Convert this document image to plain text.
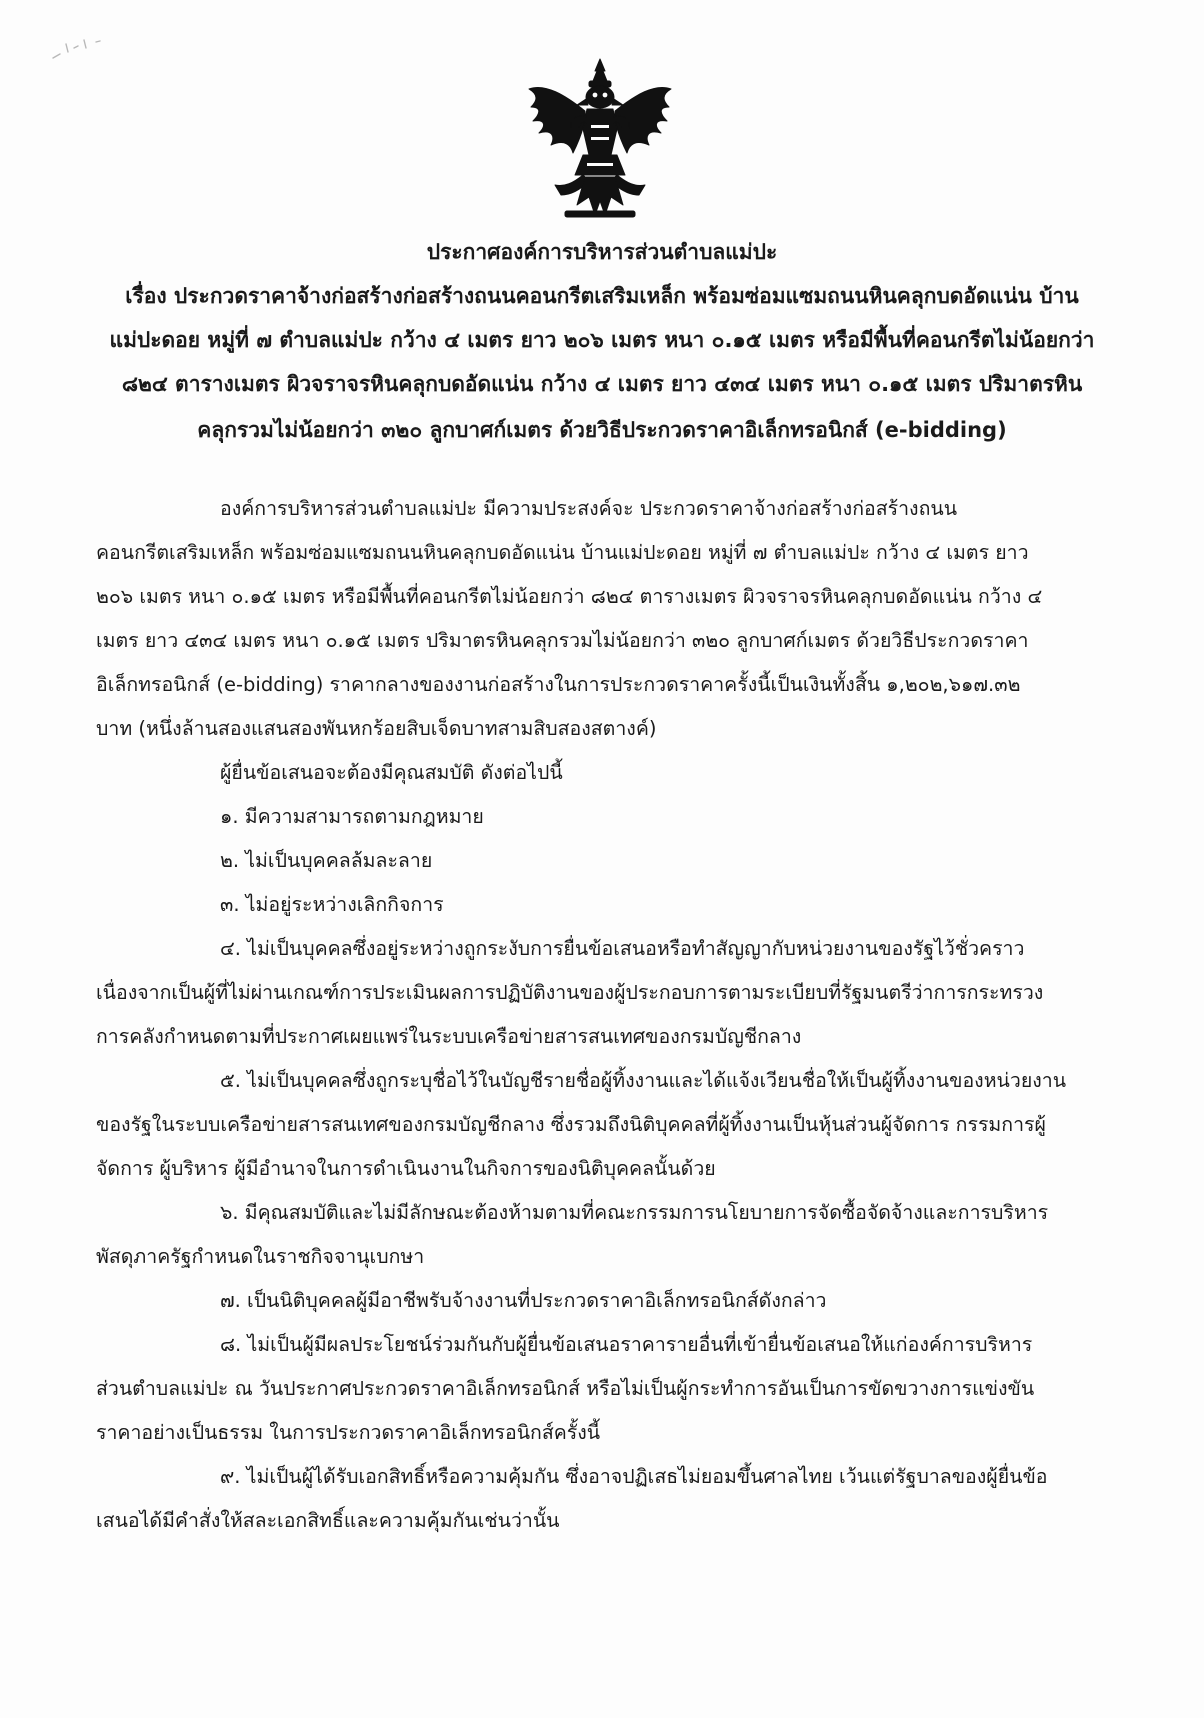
ประกาศองค์การบริหารส่วนตำบลแม่ปะ
เรื่อง ประกวดราคาจ้างก่อสร้างก่อสร้างถนนคอนกรีตเสริมเหล็ก พร้อมซ่อมแซมถนนหินคลุกบดอัดแน่น บ้าน
แม่ปะดอย หมู่ที่ ๗ ตำบลแม่ปะ กว้าง ๔ เมตร ยาว ๒๐๖ เมตร หนา ๐.๑๕ เมตร หรือมีพื้นที่คอนกรีตไม่น้อยกว่า
๘๒๔ ตารางเมตร ผิวจราจรหินคลุกบดอัดแน่น กว้าง ๔ เมตร ยาว ๔๓๔ เมตร หนา ๐.๑๕ เมตร ปริมาตรหิน
คลุกรวมไม่น้อยกว่า ๓๒๐ ลูกบาศก์เมตร ด้วยวิธีประกวดราคาอิเล็กทรอนิกส์ (e-bidding)
องค์การบริหารส่วนตำบลแม่ปะ มีความประสงค์จะ ประกวดราคาจ้างก่อสร้างก่อสร้างถนน
คอนกรีตเสริมเหล็ก พร้อมซ่อมแซมถนนหินคลุกบดอัดแน่น บ้านแม่ปะดอย หมู่ที่ ๗ ตำบลแม่ปะ กว้าง ๔ เมตร ยาว
๒๐๖ เมตร หนา ๐.๑๕ เมตร หรือมีพื้นที่คอนกรีตไม่น้อยกว่า ๘๒๔ ตารางเมตร ผิวจราจรหินคลุกบดอัดแน่น กว้าง ๔
เมตร ยาว ๔๓๔ เมตร หนา ๐.๑๕ เมตร ปริมาตรหินคลุกรวมไม่น้อยกว่า ๓๒๐ ลูกบาศก์เมตร ด้วยวิธีประกวดราคา
อิเล็กทรอนิกส์ (e-bidding) ราคากลางของงานก่อสร้างในการประกวดราคาครั้งนี้เป็นเงินทั้งสิ้น ๑,๒๐๒,๖๑๗.๓๒
บาท (หนึ่งล้านสองแสนสองพันหกร้อยสิบเจ็ดบาทสามสิบสองสตางค์)
ผู้ยื่นข้อเสนอจะต้องมีคุณสมบัติ ดังต่อไปนี้
๑. มีความสามารถตามกฎหมาย
๒. ไม่เป็นบุคคลล้มละลาย
๓. ไม่อยู่ระหว่างเลิกกิจการ
๔. ไม่เป็นบุคคลซึ่งอยู่ระหว่างถูกระงับการยื่นข้อเสนอหรือทำสัญญากับหน่วยงานของรัฐไว้ชั่วคราว
เนื่องจากเป็นผู้ที่ไม่ผ่านเกณฑ์การประเมินผลการปฏิบัติงานของผู้ประกอบการตามระเบียบที่รัฐมนตรีว่าการกระทรวง
การคลังกำหนดตามที่ประกาศเผยแพร่ในระบบเครือข่ายสารสนเทศของกรมบัญชีกลาง
๕. ไม่เป็นบุคคลซึ่งถูกระบุชื่อไว้ในบัญชีรายชื่อผู้ทิ้งงานและได้แจ้งเวียนชื่อให้เป็นผู้ทิ้งงานของหน่วยงาน
ของรัฐในระบบเครือข่ายสารสนเทศของกรมบัญชีกลาง ซึ่งรวมถึงนิติบุคคลที่ผู้ทิ้งงานเป็นหุ้นส่วนผู้จัดการ กรรมการผู้
จัดการ ผู้บริหาร ผู้มีอำนาจในการดำเนินงานในกิจการของนิติบุคคลนั้นด้วย
๖. มีคุณสมบัติและไม่มีลักษณะต้องห้ามตามที่คณะกรรมการนโยบายการจัดซื้อจัดจ้างและการบริหาร
พัสดุภาครัฐกำหนดในราชกิจจานุเบกษา
๗. เป็นนิติบุคคลผู้มีอาชีพรับจ้างงานที่ประกวดราคาอิเล็กทรอนิกส์ดังกล่าว
๘. ไม่เป็นผู้มีผลประโยชน์ร่วมกันกับผู้ยื่นข้อเสนอราคารายอื่นที่เข้ายื่นข้อเสนอให้แก่องค์การบริหาร
ส่วนตำบลแม่ปะ ณ วันประกาศประกวดราคาอิเล็กทรอนิกส์ หรือไม่เป็นผู้กระทำการอันเป็นการขัดขวางการแข่งขัน
ราคาอย่างเป็นธรรม ในการประกวดราคาอิเล็กทรอนิกส์ครั้งนี้
๙. ไม่เป็นผู้ได้รับเอกสิทธิ์หรือความคุ้มกัน ซึ่งอาจปฏิเสธไม่ยอมขึ้นศาลไทย เว้นแต่รัฐบาลของผู้ยื่นข้อ
เสนอได้มีคำสั่งให้สละเอกสิทธิ์และความคุ้มกันเช่นว่านั้น
